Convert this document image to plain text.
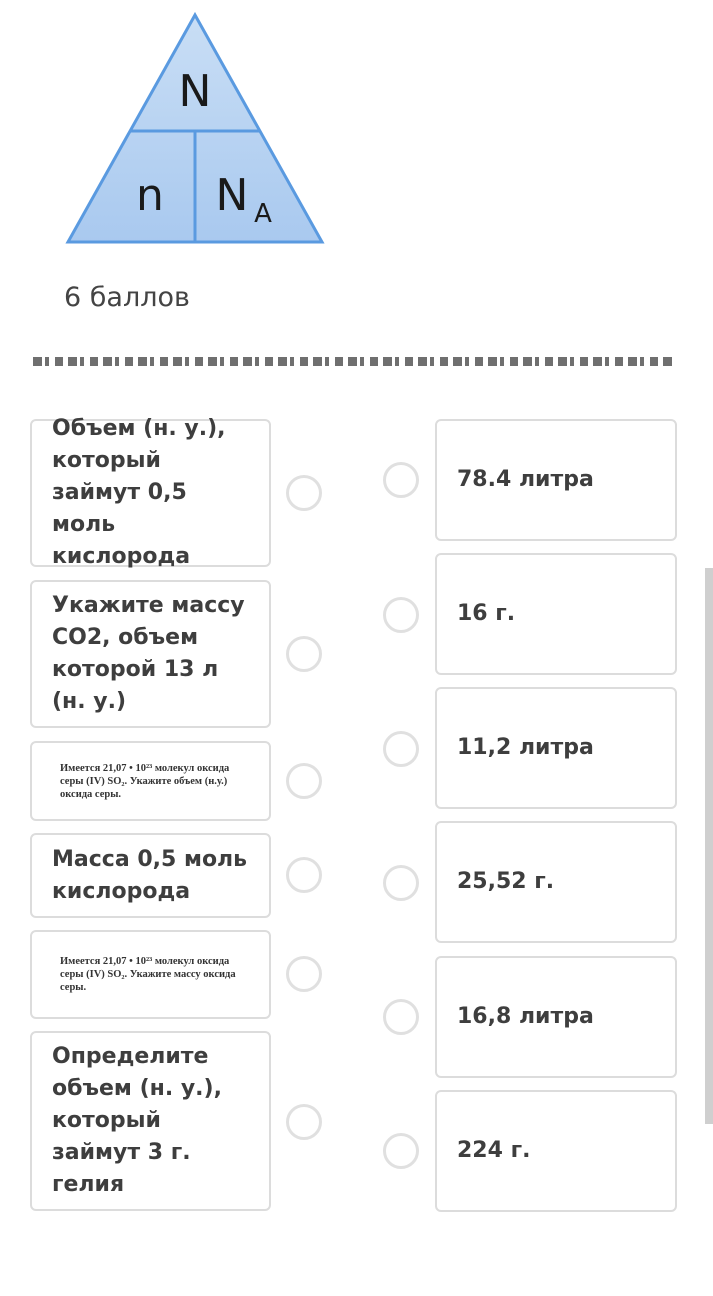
N
n N A
6 баллов
Объем (н. у.), который займут 0,5 моль кислорода
Укажите массу CO2, объем которой 13 л (н. у.)
Имеется 21,07 • 10²³ молекул оксида серы (IV) SO₂. Укажите объем (н.у.) оксида серы.
Масса 0,5 моль кислорода
Имеется 21,07 • 10²³ молекул оксида серы (IV) SO₂. Укажите массу оксида серы.
Определите объем (н. у.), который займут 3 г. гелия
78.4 литра
16 г.
11,2 литра
25,52 г.
16,8 литра
224 г.
